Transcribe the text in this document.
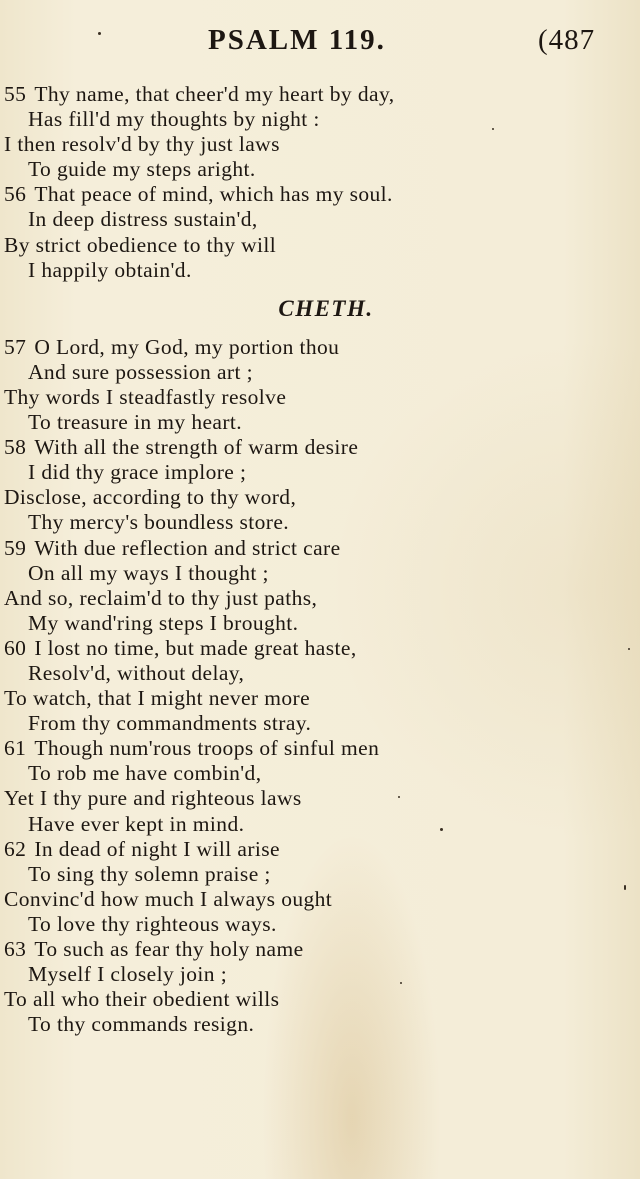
PSALM 119.	(487
55 Thy name, that cheer'd my heart by day,
Has fill'd my thoughts by night :
I then resolv'd by thy just laws
To guide my steps aright.
56 That peace of mind, which has my soul.
In deep distress sustain'd,
By strict obedience to thy will
I happily obtain'd.
CHETH.
57 O Lord, my God, my portion thou
And sure possession art ;
Thy words I steadfastly resolve
To treasure in my heart.
58 With all the strength of warm desire
I did thy grace implore ;
Disclose, according to thy word,
Thy mercy's boundless store.
59 With due reflection and strict care
On all my ways I thought ;
And so, reclaim'd to thy just paths,
My wand'ring steps I brought.
60 I lost no time, but made great haste,
Resolv'd, without delay,
To watch, that I might never more
From thy commandments stray.
61 Though num'rous troops of sinful men
To rob me have combin'd,
Yet I thy pure and righteous laws
Have ever kept in mind.
62 In dead of night I will arise
To sing thy solemn praise ;
Convinc'd how much I always ought
To love thy righteous ways.
63 To such as fear thy holy name
Myself I closely join ;
To all who their obedient wills
To thy commands resign.
